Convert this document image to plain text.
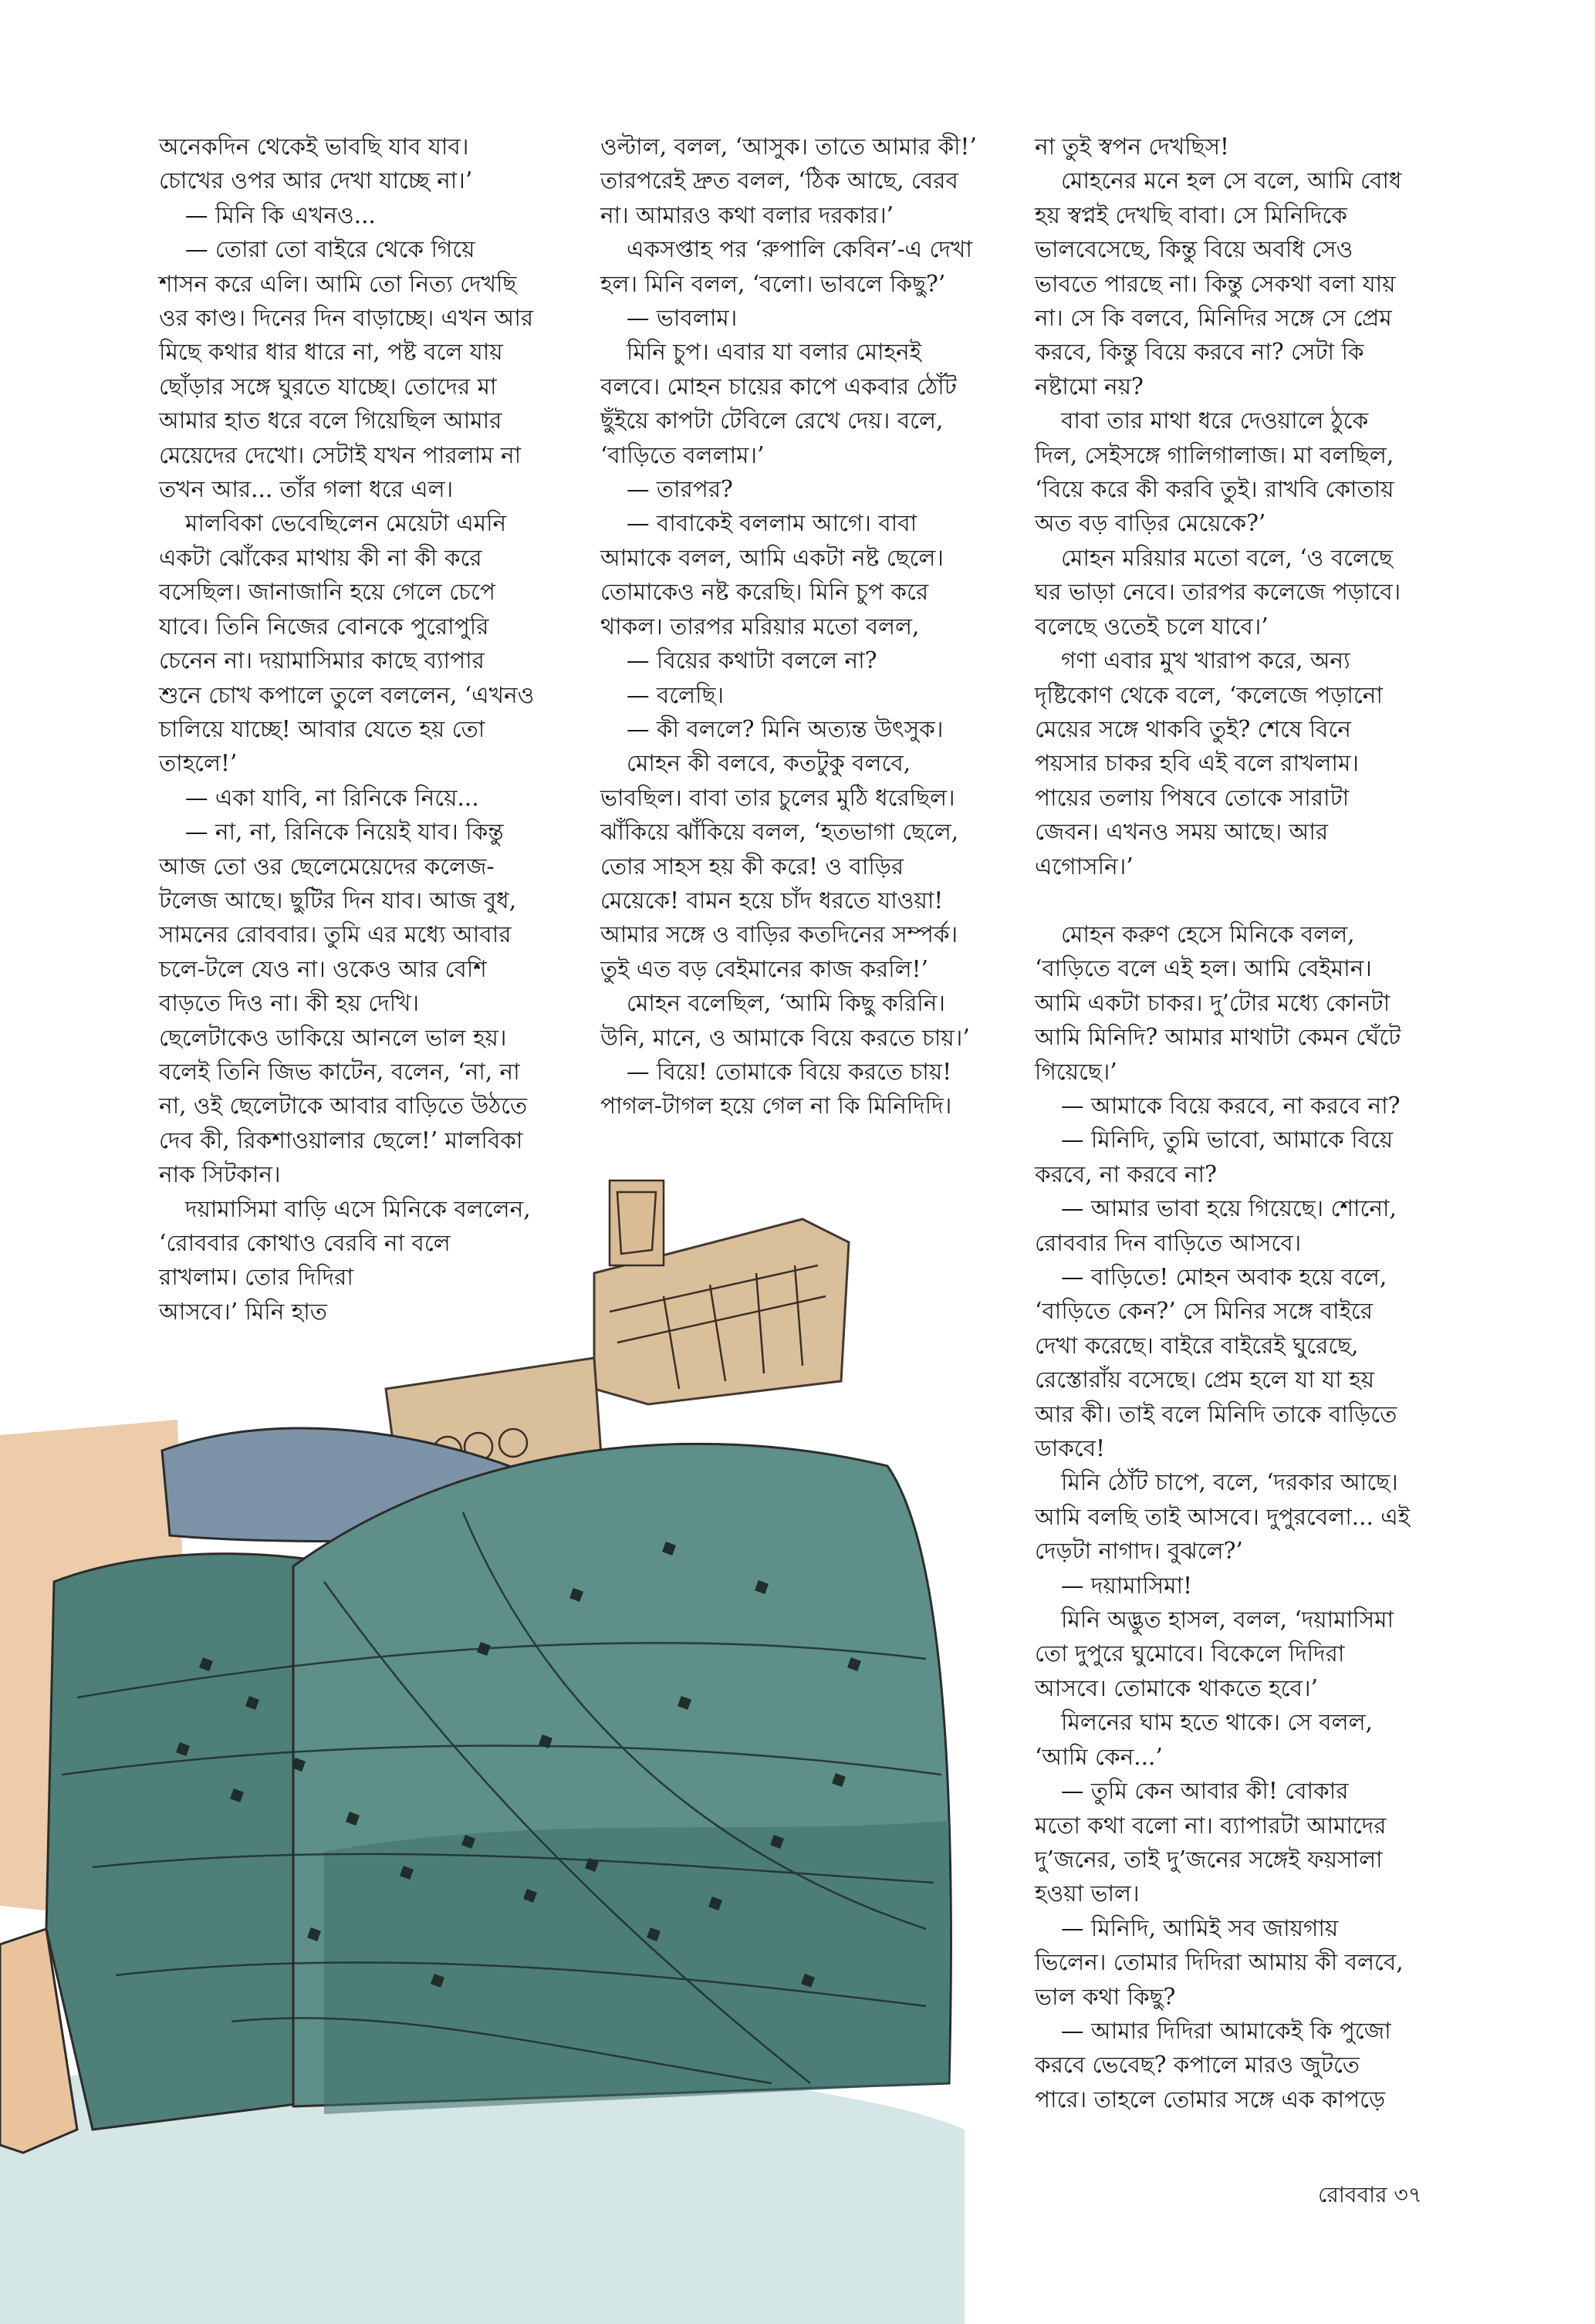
অনেকদিন থেকেই ভাবছি যাব যাব।

চোখের ওপর আর দেখা যাচ্ছে না।’

— মিনি কি এখনও...

— তোরা তো বাইরে থেকে গিয়ে

শাসন করে এলি। আমি তো নিত্য দেখছি

ওর কাণ্ড। দিনের দিন বাড়াচ্ছে। এখন আর

মিছে কথার ধার ধারে না, পষ্ট বলে যায়

ছোঁড়ার সঙ্গে ঘুরতে যাচ্ছে। তোদের মা

আমার হাত ধরে বলে গিয়েছিল আমার

মেয়েদের দেখো। সেটাই যখন পারলাম না

তখন আর... তাঁর গলা ধরে এল।

মালবিকা ভেবেছিলেন মেয়েটা এমনি

একটা ঝোঁকের মাথায় কী না কী করে

বসেছিল। জানাজানি হয়ে গেলে চেপে

যাবে। তিনি নিজের বোনকে পুরোপুরি

চেনেন না। দয়ামাসিমার কাছে ব্যাপার

শুনে চোখ কপালে তুলে বললেন, ‘এখনও

চালিয়ে যাচ্ছে! আবার যেতে হয় তো

তাহলে!’

— একা যাবি, না রিনিকে নিয়ে...

— না, না, রিনিকে নিয়েই যাব। কিন্তু

আজ তো ওর ছেলেমেয়েদের কলেজ-

টলেজ আছে। ছুটির দিন যাব। আজ বুধ,

সামনের রোববার। তুমি এর মধ্যে আবার

চলে-টলে যেও না। ওকেও আর বেশি

বাড়তে দিও না। কী হয় দেখি।

ছেলেটাকেও ডাকিয়ে আনলে ভাল হয়।

বলেই তিনি জিভ কাটেন, বলেন, ‘না, না

না, ওই ছেলেটাকে আবার বাড়িতে উঠতে

দেব কী, রিকশাওয়ালার ছেলে!’ মালবিকা

নাক সিটকান।

দয়ামাসিমা বাড়ি এসে মিনিকে বললেন,

‘রোববার কোথাও বেরবি না বলে

রাখলাম। তোর দিদিরা

আসবে।’ মিনি হাত

ওল্টাল, বলল, ‘আসুক। তাতে আমার কী!’

তারপরেই দ্রুত বলল, ‘ঠিক আছে, বেরব

না। আমারও কথা বলার দরকার।’

একসপ্তাহ পর ‘রুপালি কেবিন’-এ দেখা

হল। মিনি বলল, ‘বলো। ভাবলে কিছু?’

— ভাবলাম।

মিনি চুপ। এবার যা বলার মোহনই

বলবে। মোহন চায়ের কাপে একবার ঠোঁট

ছুঁইয়ে কাপটা টেবিলে রেখে দেয়। বলে,

‘বাড়িতে বললাম।’

— তারপর?

— বাবাকেই বললাম আগে। বাবা

আমাকে বলল, আমি একটা নষ্ট ছেলে।

তোমাকেও নষ্ট করেছি। মিনি চুপ করে

থাকল। তারপর মরিয়ার মতো বলল,

— বিয়ের কথাটা বললে না?

— বলেছি।

— কী বললে? মিনি অত্যন্ত উৎসুক।

মোহন কী বলবে, কতটুকু বলবে,

ভাবছিল। বাবা তার চুলের মুঠি ধরেছিল।

ঝাঁকিয়ে ঝাঁকিয়ে বলল, ‘হতভাগা ছেলে,

তোর সাহস হয় কী করে! ও বাড়ির

মেয়েকে! বামন হয়ে চাঁদ ধরতে যাওয়া!

আমার সঙ্গে ও বাড়ির কতদিনের সম্পর্ক।

তুই এত বড় বেইমানের কাজ করলি!’

মোহন বলেছিল, ‘আমি কিছু করিনি।

উনি, মানে, ও আমাকে বিয়ে করতে চায়।’

— বিয়ে! তোমাকে বিয়ে করতে চায়!

পাগল-টাগল হয়ে গেল না কি মিনিদিদি।

না তুই স্বপন দেখছিস!

মোহনের মনে হল সে বলে, আমি বোধ

হয় স্বপ্নই দেখছি বাবা। সে মিনিদিকে

ভালবেসেছে, কিন্তু বিয়ে অবধি সেও

ভাবতে পারছে না। কিন্তু সেকথা বলা যায়

না। সে কি বলবে, মিনিদির সঙ্গে সে প্রেম

করবে, কিন্তু বিয়ে করবে না? সেটা কি

নষ্টামো নয়?

বাবা তার মাথা ধরে দেওয়ালে ঠুকে

দিল, সেইসঙ্গে গালিগালাজ। মা বলছিল,

‘বিয়ে করে কী করবি তুই। রাখবি কোতায়

অত বড় বাড়ির মেয়েকে?’

মোহন মরিয়ার মতো বলে, ‘ও বলেছে

ঘর ভাড়া নেবে। তারপর কলেজে পড়াবে।

বলেছে ওতেই চলে যাবে।’

গণা এবার মুখ খারাপ করে, অন্য

দৃষ্টিকোণ থেকে বলে, ‘কলেজে পড়ানো

মেয়ের সঙ্গে থাকবি তুই? শেষে বিনে

পয়সার চাকর হবি এই বলে রাখলাম।

পায়ের তলায় পিষবে তোকে সারাটা

জেবন। এখনও সময় আছে। আর

এগোসনি।’

মোহন করুণ হেসে মিনিকে বলল,

‘বাড়িতে বলে এই হল। আমি বেইমান।

আমি একটা চাকর। দু’টোর মধ্যে কোনটা

আমি মিনিদি? আমার মাথাটা কেমন ঘেঁটে

গিয়েছে।’

— আমাকে বিয়ে করবে, না করবে না?

— মিনিদি, তুমি ভাবো, আমাকে বিয়ে

করবে, না করবে না?

— আমার ভাবা হয়ে গিয়েছে। শোনো,

রোববার দিন বাড়িতে আসবে।

— বাড়িতে! মোহন অবাক হয়ে বলে,

‘বাড়িতে কেন?’ সে মিনির সঙ্গে বাইরে

দেখা করেছে। বাইরে বাইরেই ঘুরেছে,

রেস্তোরাঁয় বসেছে। প্রেম হলে যা যা হয়

আর কী। তাই বলে মিনিদি তাকে বাড়িতে

ডাকবে!

মিনি ঠোঁট চাপে, বলে, ‘দরকার আছে।

আমি বলছি তাই আসবে। দুপুরবেলা... এই

দেড়টা নাগাদ। বুঝলে?’

— দয়ামাসিমা!

মিনি অদ্ভুত হাসল, বলল, ‘দয়ামাসিমা

তো দুপুরে ঘুমোবে। বিকেলে দিদিরা

আসবে। তোমাকে থাকতে হবে।’

মিলনের ঘাম হতে থাকে। সে বলল,

‘আমি কেন...’

— তুমি কেন আবার কী! বোকার

মতো কথা বলো না। ব্যাপারটা আমাদের

দু’জনের, তাই দু’জনের সঙ্গেই ফয়সালা

হওয়া ভাল।

— মিনিদি, আমিই সব জায়গায়

ভিলেন। তোমার দিদিরা আমায় কী বলবে,

ভাল কথা কিছু?

— আমার দিদিরা আমাকেই কি পুজো

করবে ভেবেছ? কপালে মারও জুটতে

পারে। তাহলে তোমার সঙ্গে এক কাপড়ে

রোববার ৩৭
